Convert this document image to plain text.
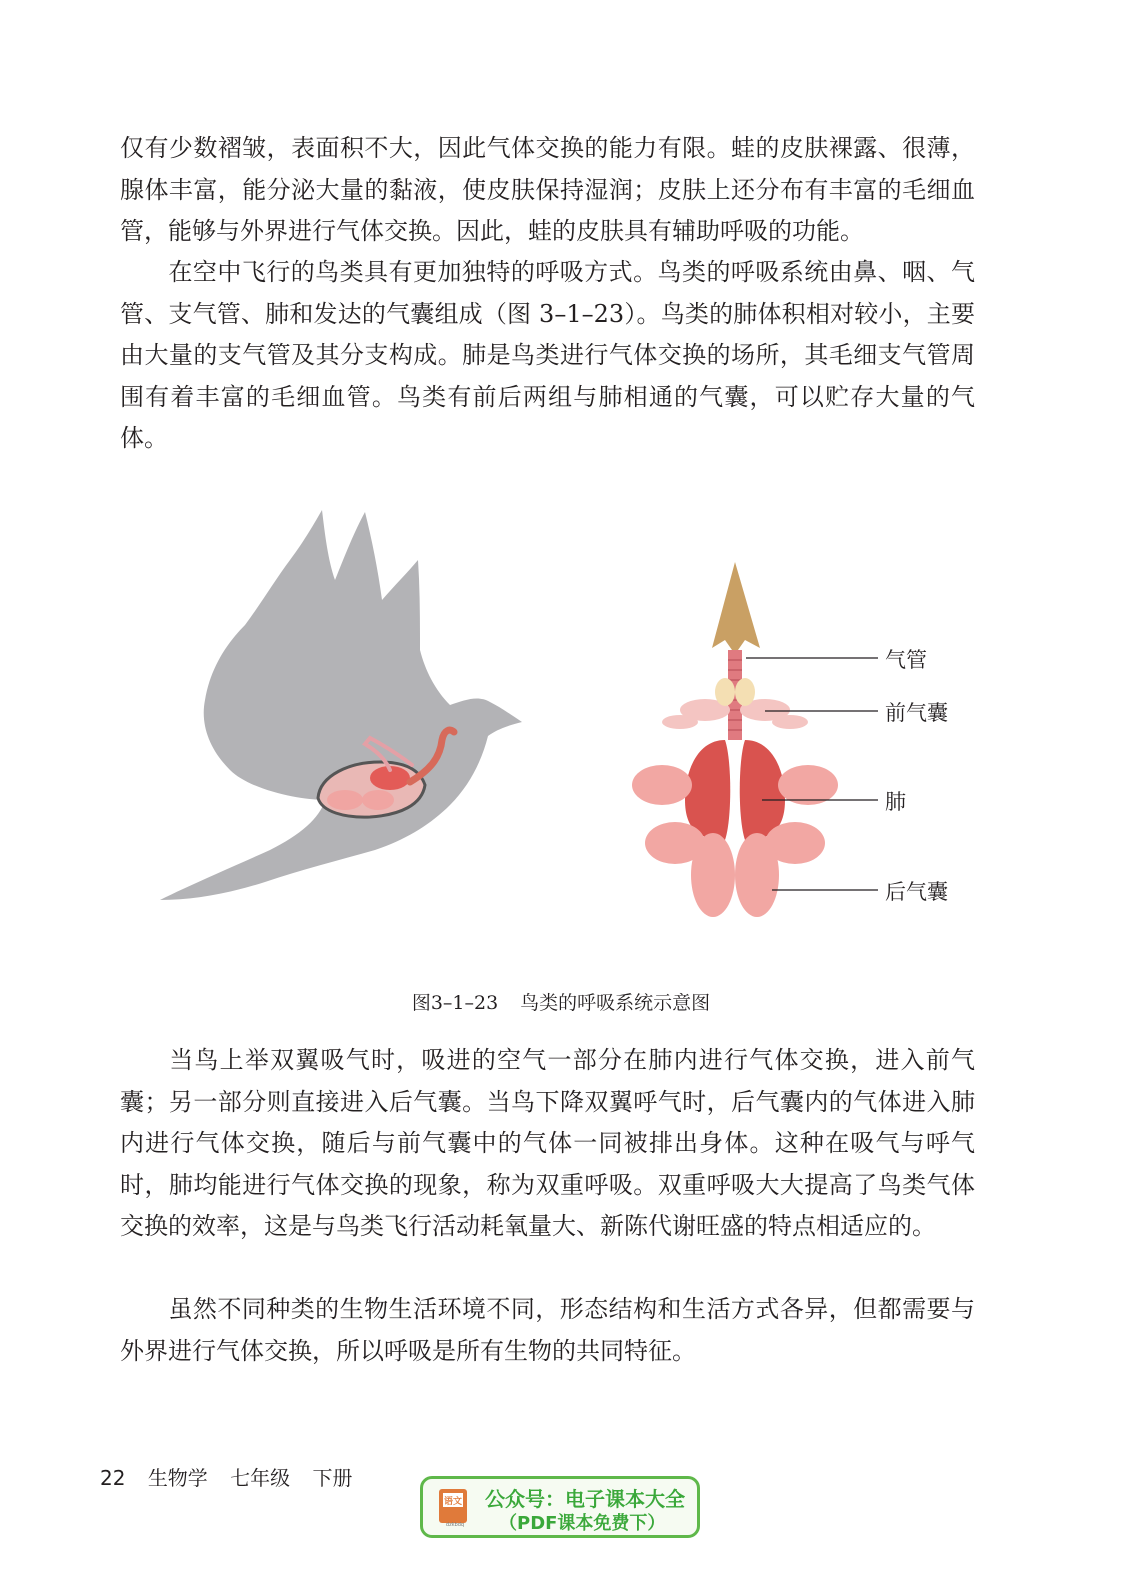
仅有少数褶皱，表面积不大，因此气体交换的能力有限。蛙的皮肤裸露、很薄，腺体丰富，能分泌大量的黏液，使皮肤保持湿润；皮肤上还分布有丰富的毛细血管，能够与外界进行气体交换。因此，蛙的皮肤具有辅助呼吸的功能。

在空中飞行的鸟类具有更加独特的呼吸方式。鸟类的呼吸系统由鼻、咽、气管、支气管、肺和发达的气囊组成（图 3–1–23）。鸟类的肺体积相对较小，主要由大量的支气管及其分支构成。肺是鸟类进行气体交换的场所，其毛细支气管周围有着丰富的毛细血管。鸟类有前后两组与肺相通的气囊，可以贮存大量的气体。

气管
前气囊
肺
后气囊
图3–1–23 鸟类的呼吸系统示意图

当鸟上举双翼吸气时，吸进的空气一部分在肺内进行气体交换，进入前气囊；另一部分则直接进入后气囊。当鸟下降双翼呼气时，后气囊内的气体进入肺内进行气体交换，随后与前气囊中的气体一同被排出身体。这种在吸气与呼气时，肺均能进行气体交换的现象，称为双重呼吸。双重呼吸大大提高了鸟类气体交换的效率，这是与鸟类飞行活动耗氧量大、新陈代谢旺盛的特点相适应的。

虽然不同种类的生物生活环境不同，形态结构和生活方式各异，但都需要与外界进行气体交换，所以呼吸是所有生物的共同特征。

22 生物学 七年级 下册
语文
dzkbdq
公众号：电子课本大全
（PDF课本免费下）
